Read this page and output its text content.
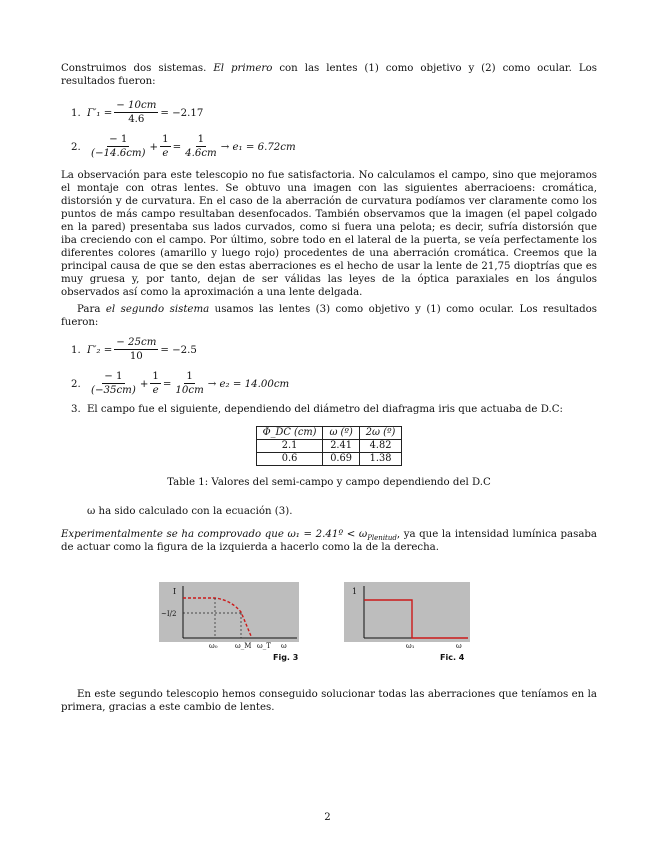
Construimos dos sistemas. El primero con las lentes (1) como objetivo y (2) como ocular. Los resultados fueron:

1. $\Gamma'_1 = \frac{- 10cm}{4.6} = -2.17$
2. $\frac{- 1}{(-14.6cm)} + \frac{1}{e} = \frac{1}{4.6cm} \to e_1 = 6.72cm$

La observación para este telescopio no fue satisfactoria. No calculamos el campo, sino que mejoramos el montaje con otras lentes. Se obtuvo una imagen con las siguientes aberracioens: cromática, distorsión y de curvatura. En el caso de la aberración de curvatura podíamos ver claramente como los puntos de más campo resultaban desenfocados. También observamos que la imagen (el papel colgado en la pared) presentaba sus lados curvados, como si fuera una pelota; es decir, sufría distorsión que iba creciendo con el campo. Por último, sobre todo en el lateral de la puerta, se veía perfectamente los diferentes colores (amarillo y luego rojo) procedentes de una aberración cromática. Creemos que la principal causa de que se den estas aberraciones es el hecho de usar la lente de 21,75 dioptrías que es muy gruesa y, por tanto, dejan de ser válidas las leyes de la óptica paraxiales en los ángulos observados así como la aproximación a una lente delgada.

Para el segundo sistema usamos las lentes (3) como objetivo y (1) como ocular. Los resultados fueron:

1. $\Gamma'_2 = \frac{- 25cm}{10} = -2.5$
2. $\frac{- 1}{(-35cm)} + \frac{1}{e} = \frac{1}{10cm} \to e_2 = 14.00cm$
3. El campo fue el siguiente, dependiendo del diámetro del diafragma iris que actuaba de D.C:
Φ_DC (cm)	ω (º)	2ω (º)
2.1	2.41	4.82
0.6	0.69	1.38
Table 1: Valores del semi-campo y campo dependiendo del D.C

ω ha sido calculado con la ecuación (3).

Experimentalmente se ha comprovado que ω₁ = 2.41º < $\omega_{Plenitud}$, ya que la intensidad lumínica pasaba de actuar como la figura de la izquierda a hacerlo como la de la derecha.

I
~I/2
ω₀ ω_M ω_T ω
Fig. 3
1
ω₁	ω
Fic. 4

En este segundo telescopio hemos conseguido solucionar todas las aberraciones que teníamos en la primera, gracias a este cambio de lentes.

2
